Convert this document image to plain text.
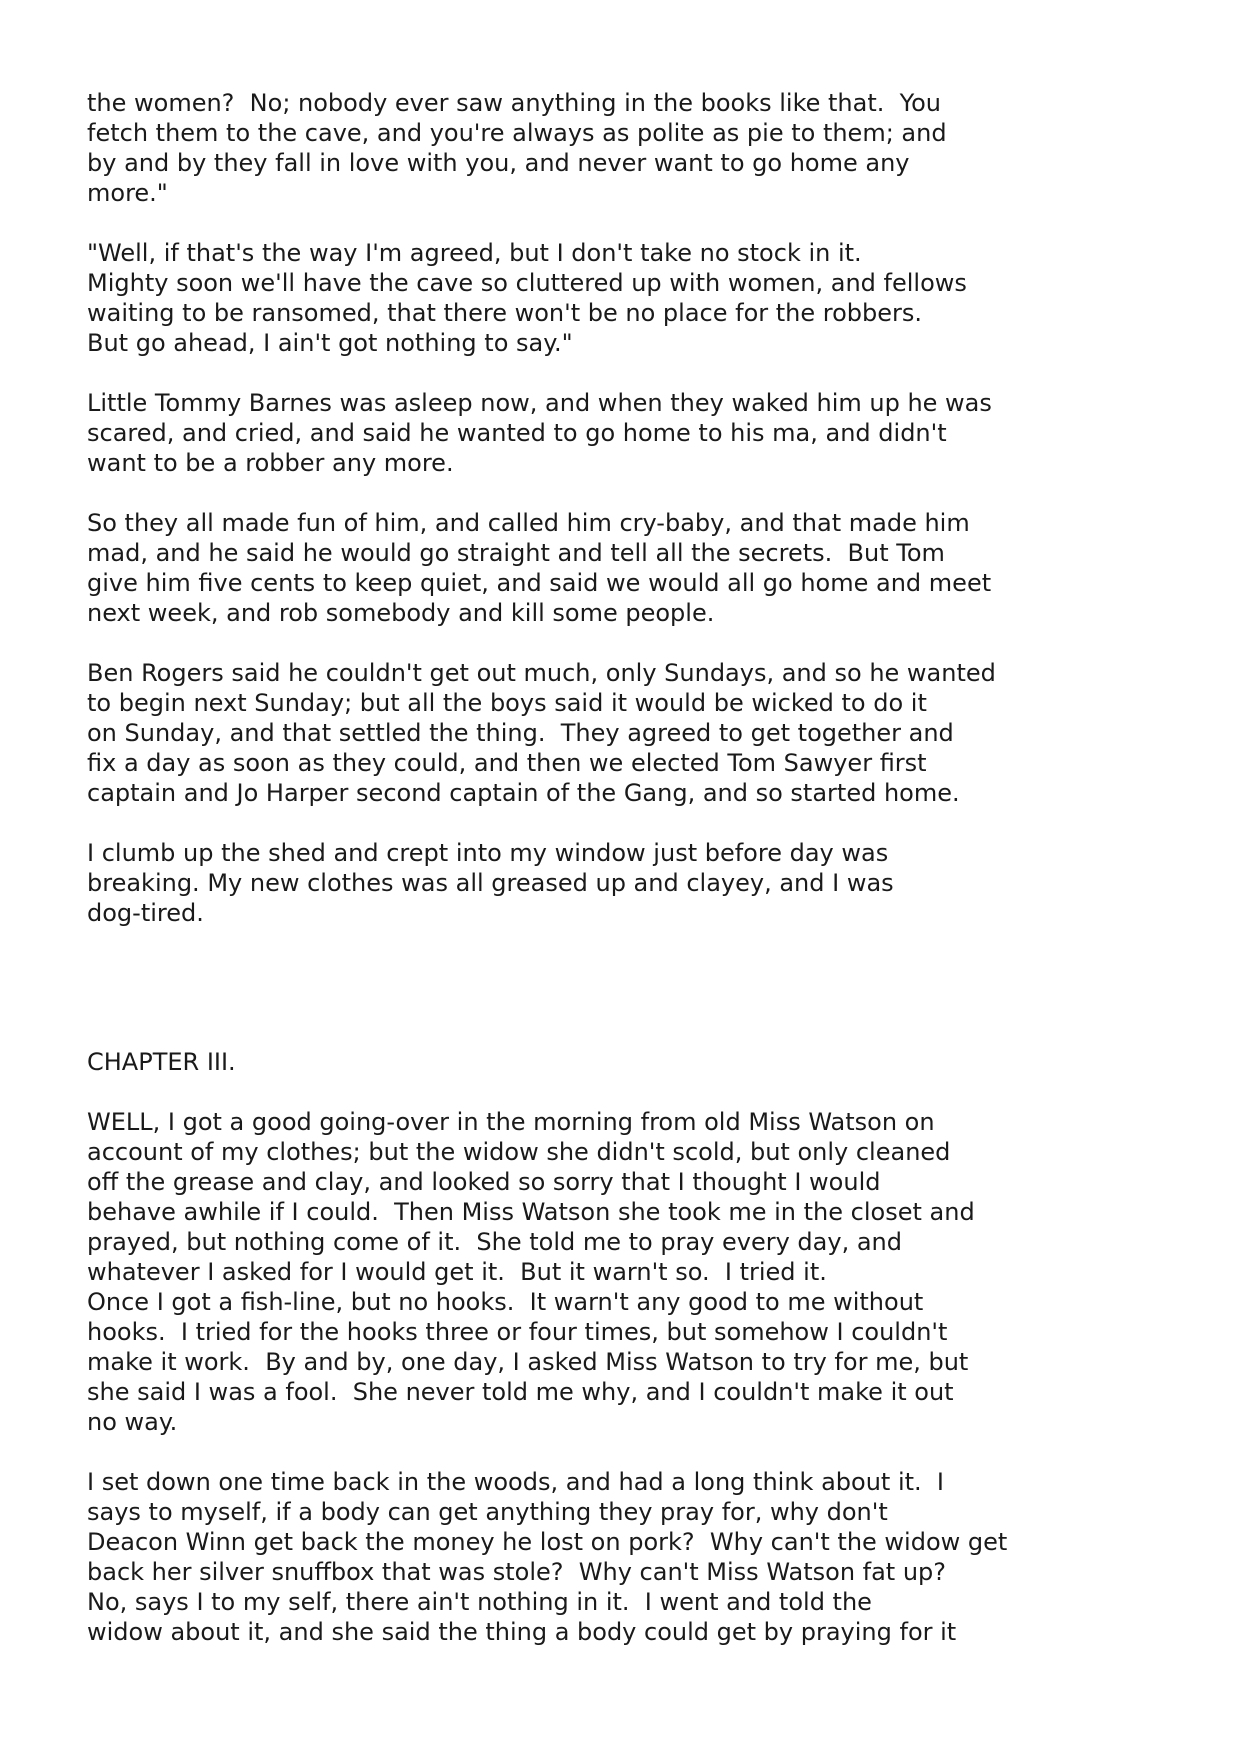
the women?  No; nobody ever saw anything in the books like that.  You

fetch them to the cave, and you're always as polite as pie to them; and

by and by they fall in love with you, and never want to go home any

more."

"Well, if that's the way I'm agreed, but I don't take no stock in it.

Mighty soon we'll have the cave so cluttered up with women, and fellows

waiting to be ransomed, that there won't be no place for the robbers.

But go ahead, I ain't got nothing to say."

Little Tommy Barnes was asleep now, and when they waked him up he was

scared, and cried, and said he wanted to go home to his ma, and didn't

want to be a robber any more.

So they all made fun of him, and called him cry-baby, and that made him

mad, and he said he would go straight and tell all the secrets.  But Tom

give him five cents to keep quiet, and said we would all go home and meet

next week, and rob somebody and kill some people.

Ben Rogers said he couldn't get out much, only Sundays, and so he wanted

to begin next Sunday; but all the boys said it would be wicked to do it

on Sunday, and that settled the thing.  They agreed to get together and

fix a day as soon as they could, and then we elected Tom Sawyer first

captain and Jo Harper second captain of the Gang, and so started home.

I clumb up the shed and crept into my window just before day was

breaking. My new clothes was all greased up and clayey, and I was

dog-tired.

CHAPTER III.

WELL, I got a good going-over in the morning from old Miss Watson on

account of my clothes; but the widow she didn't scold, but only cleaned

off the grease and clay, and looked so sorry that I thought I would

behave awhile if I could.  Then Miss Watson she took me in the closet and

prayed, but nothing come of it.  She told me to pray every day, and

whatever I asked for I would get it.  But it warn't so.  I tried it.

Once I got a fish-line, but no hooks.  It warn't any good to me without

hooks.  I tried for the hooks three or four times, but somehow I couldn't

make it work.  By and by, one day, I asked Miss Watson to try for me, but

she said I was a fool.  She never told me why, and I couldn't make it out

no way.

I set down one time back in the woods, and had a long think about it.  I

says to myself, if a body can get anything they pray for, why don't

Deacon Winn get back the money he lost on pork?  Why can't the widow get

back her silver snuffbox that was stole?  Why can't Miss Watson fat up?

No, says I to my self, there ain't nothing in it.  I went and told the

widow about it, and she said the thing a body could get by praying for it
